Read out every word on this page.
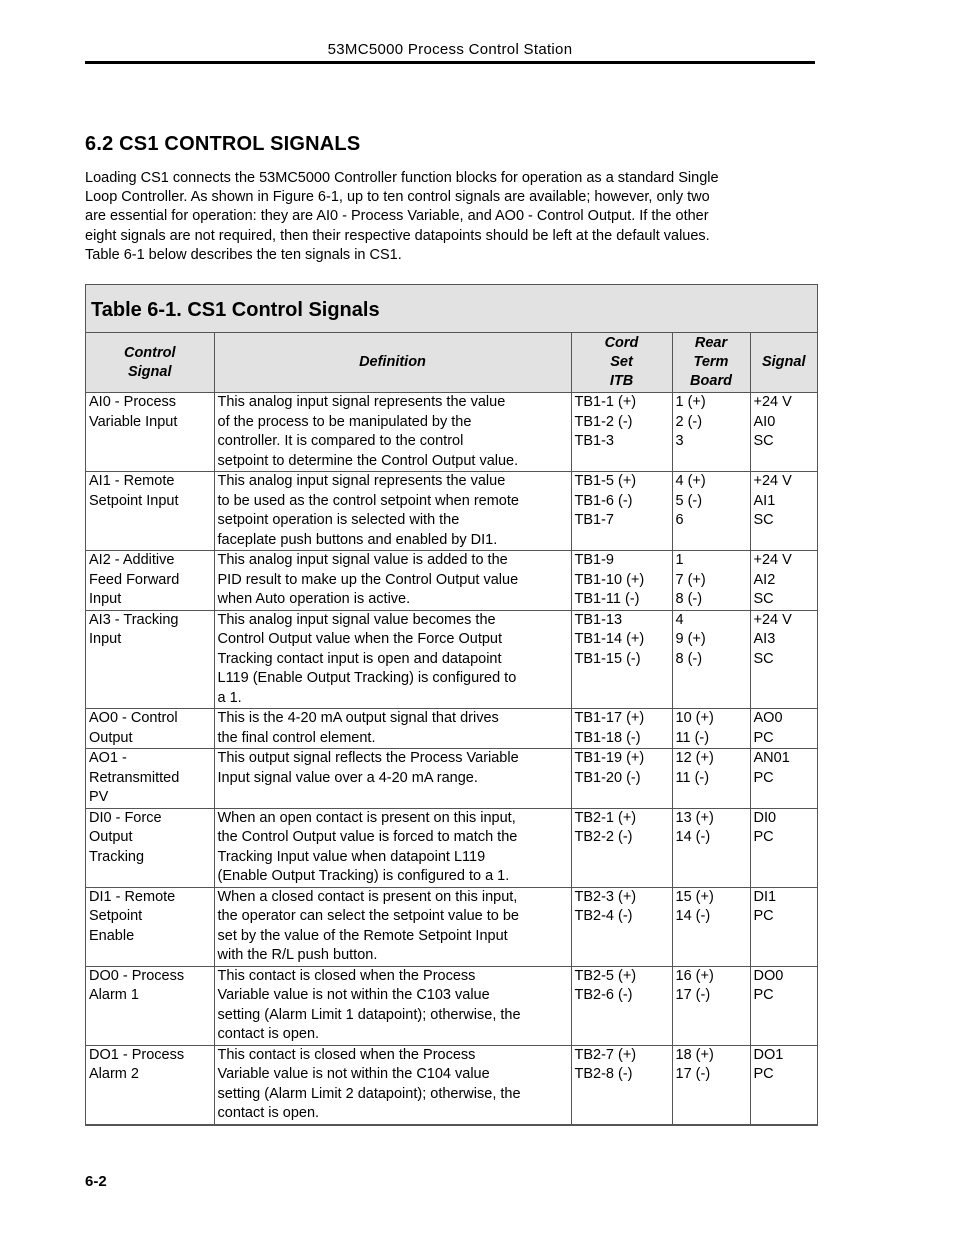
53MC5000 Process Control Station
6.2 CS1 CONTROL SIGNALS

Loading CS1 connects the 53MC5000 Controller function blocks for operation as a standard Single
Loop Controller. As shown in Figure 6-1, up to ten control signals are available; however, only two
are essential for operation: they are AI0 - Process Variable, and AO0 - Control Output. If the other
eight signals are not required, then their respective datapoints should be left at the default values.
Table 6-1 below describes the ten signals in CS1.

Table 6-1. CS1 Control Signals
Control
Signal	Definition	Cord
Set
ITB	Rear
Term
Board	Signal

AI0 - Process
Variable Input	This analog input signal represents the value
of the process to be manipulated by the
controller. It is compared to the control
setpoint to determine the Control Output value.	TB1-1 (+)
TB1-2 (-)
TB1-3	1 (+)
2 (-)
3	+24 V
AI0
SC

AI1 - Remote
Setpoint Input	This analog input signal represents the value
to be used as the control setpoint when remote
setpoint operation is selected with the
faceplate push buttons and enabled by DI1.	TB1-5 (+)
TB1-6 (-)
TB1-7	4 (+)
5 (-)
6	+24 V
AI1
SC

AI2 - Additive
Feed Forward
Input	This analog input signal value is added to the
PID result to make up the Control Output value
when Auto operation is active.	TB1-9
TB1-10 (+)
TB1-11 (-)	1
7 (+)
8 (-)	+24 V
AI2
SC

AI3 - Tracking
Input	This analog input signal value becomes the
Control Output value when the Force Output
Tracking contact input is open and datapoint
L119 (Enable Output Tracking) is configured to
a 1.	TB1-13
TB1-14 (+)
TB1-15 (-)	4
9 (+)
8 (-)	+24 V
AI3
SC

AO0 - Control
Output	This is the 4-20 mA output signal that drives
the final control element.	TB1-17 (+)
TB1-18 (-)	10 (+)
11 (-)	AO0
PC

AO1 -
Retransmitted
PV	This output signal reflects the Process Variable
Input signal value over a 4-20 mA range.	TB1-19 (+)
TB1-20 (-)	12 (+)
11 (-)	AN01
PC

DI0 - Force
Output
Tracking	When an open contact is present on this input,
the Control Output value is forced to match the
Tracking Input value when datapoint L119
(Enable Output Tracking) is configured to a 1.	TB2-1 (+)
TB2-2 (-)	13 (+)
14 (-)	DI0
PC

DI1 - Remote
Setpoint
Enable	When a closed contact is present on this input,
the operator can select the setpoint value to be
set by the value of the Remote Setpoint Input
with the R/L push button.	TB2-3 (+)
TB2-4 (-)	15 (+)
14 (-)	DI1
PC

DO0 - Process
Alarm 1	This contact is closed when the Process
Variable value is not within the C103 value
setting (Alarm Limit 1 datapoint); otherwise, the
contact is open.	TB2-5 (+)
TB2-6 (-)	16 (+)
17 (-)	DO0
PC

DO1 - Process
Alarm 2	This contact is closed when the Process
Variable value is not within the C104 value
setting (Alarm Limit 2 datapoint); otherwise, the
contact is open.	TB2-7 (+)
TB2-8 (-)	18 (+)
17 (-)	DO1
PC
6-2
